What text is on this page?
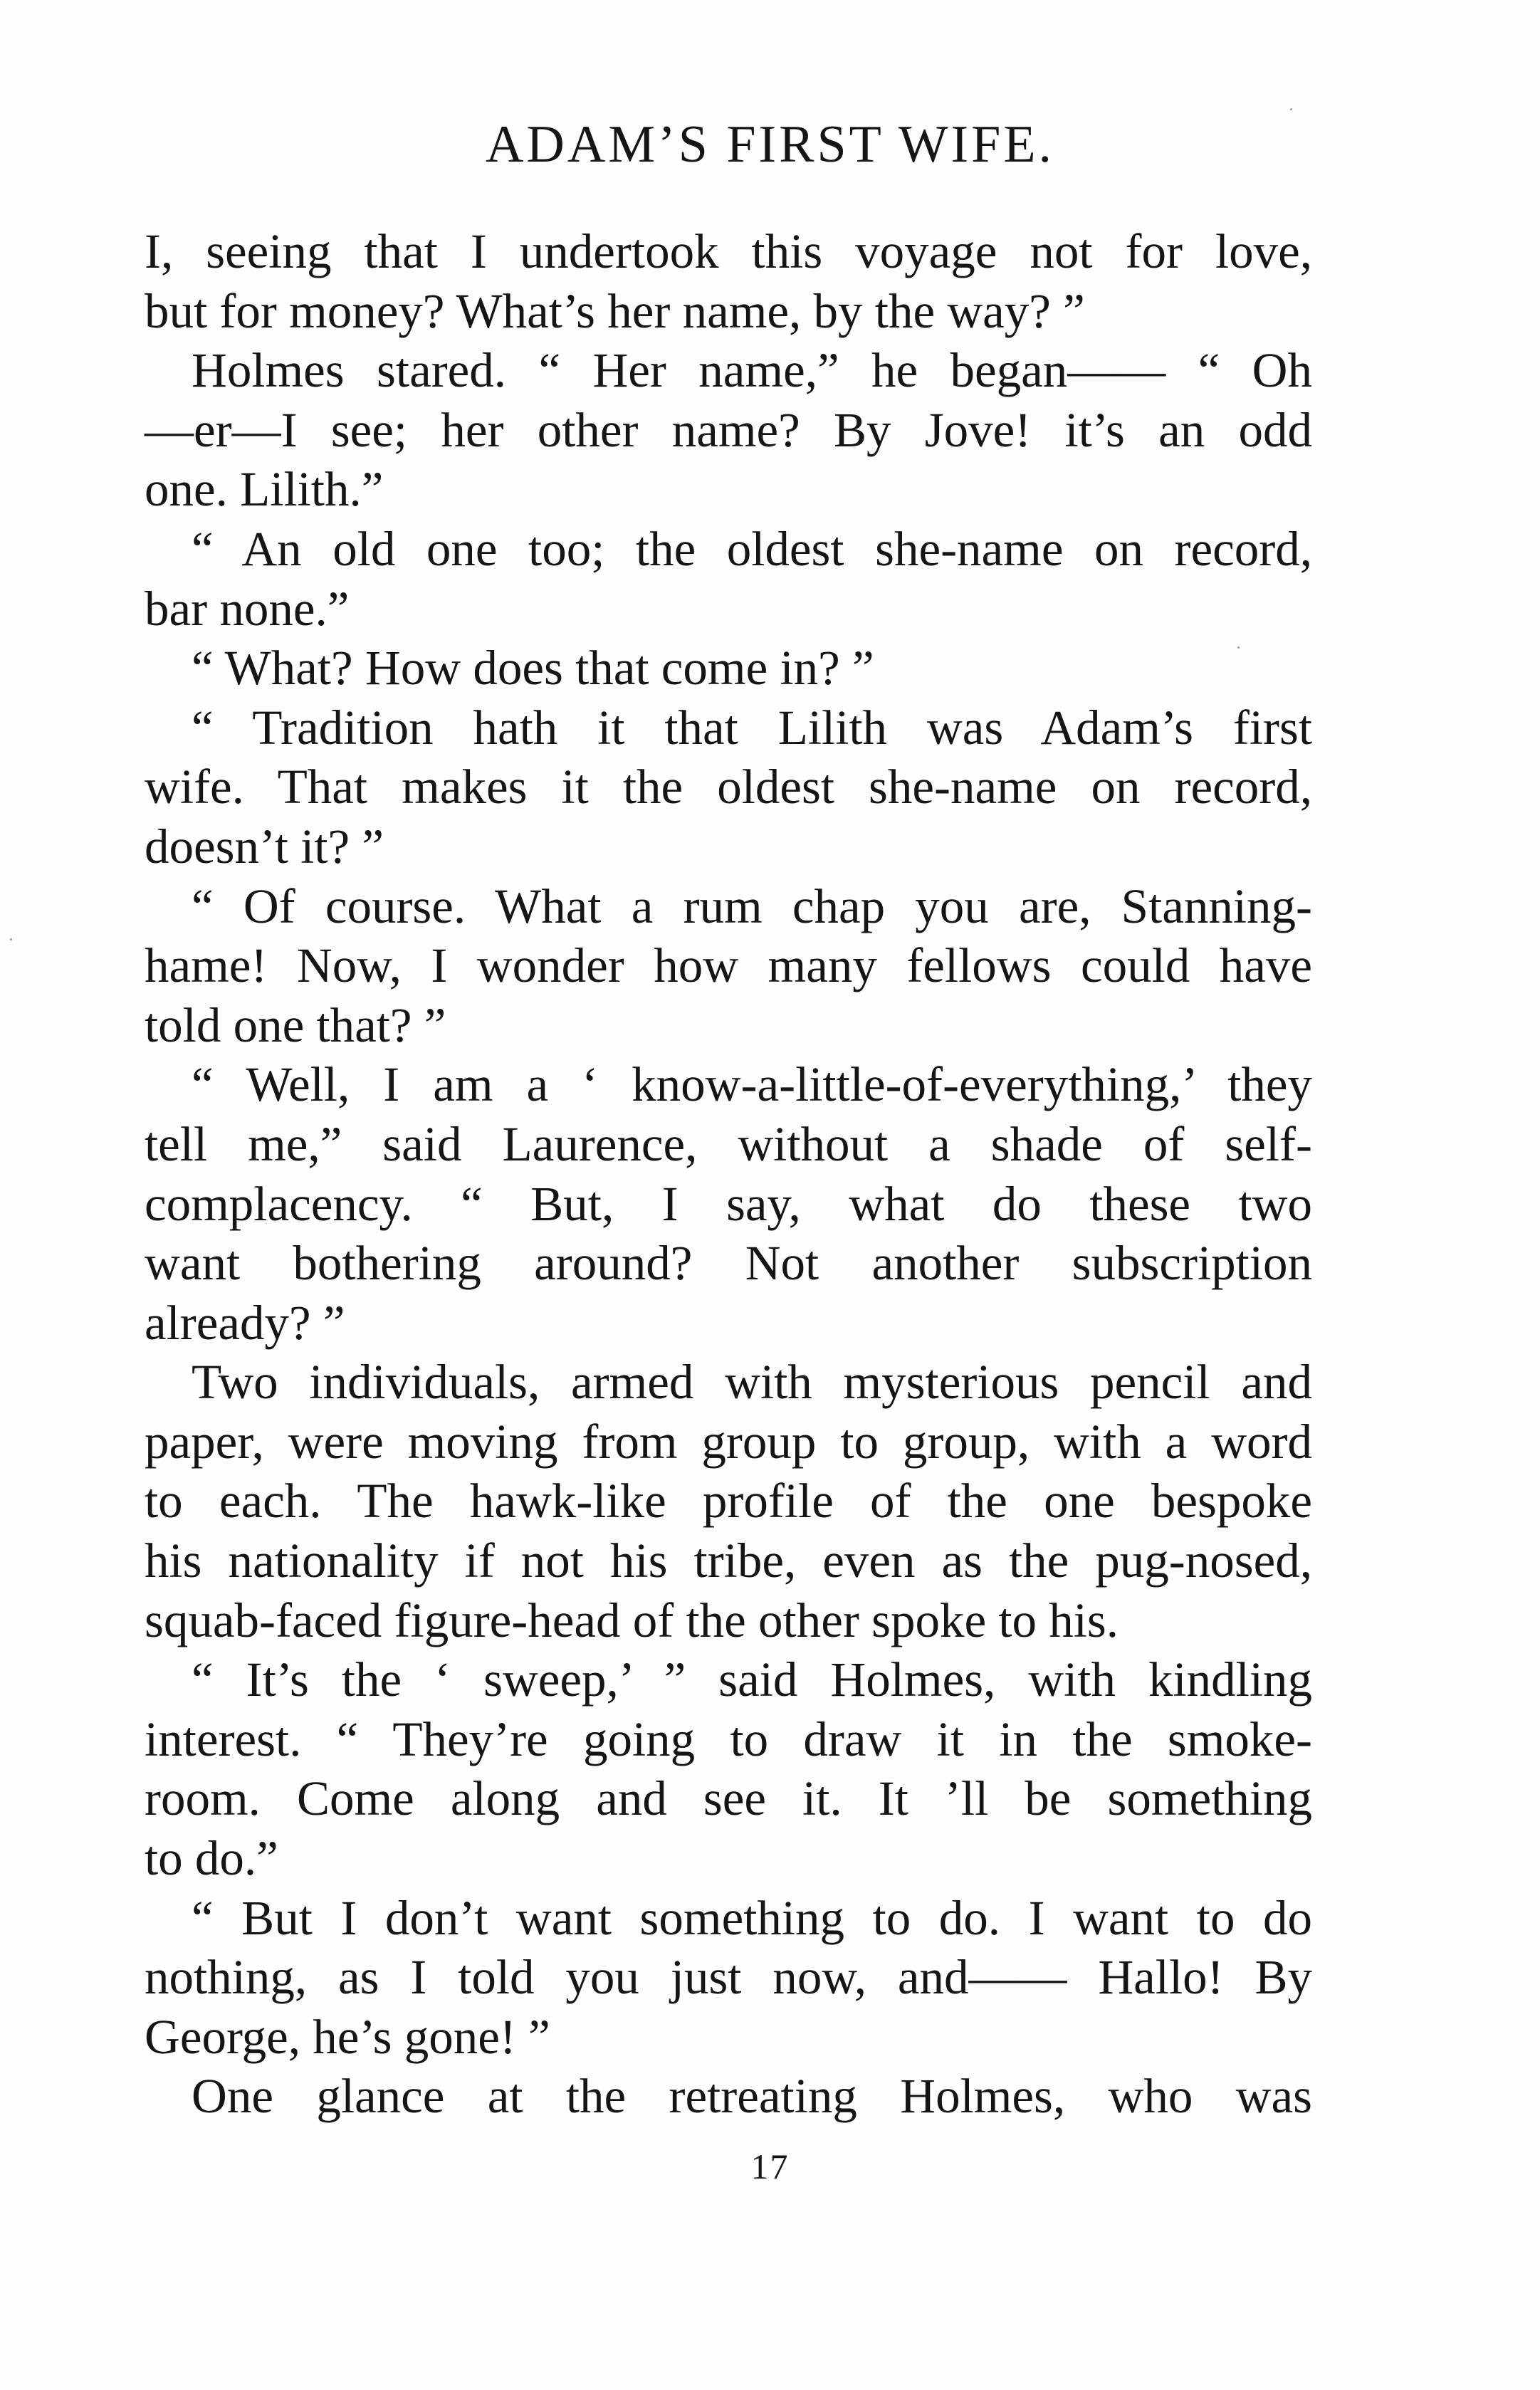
ADAM’S FIRST WIFE.
I, seeing that I undertook this voyage not for love,
but for money? What’s her name, by the way? ”
Holmes stared. “ Her name,” he began—— “ Oh
—er—I see; her other name? By Jove! it’s an odd
one. Lilith.”
“ An old one too; the oldest she-name on record,
bar none.”
“ What? How does that come in? ”
“ Tradition hath it that Lilith was Adam’s first
wife. That makes it the oldest she-name on record,
doesn’t it? ”
“ Of course. What a rum chap you are, Stanning-
hame! Now, I wonder how many fellows could have
told one that? ”
“ Well, I am a ‘ know-a-little-of-everything,’ they
tell me,” said Laurence, without a shade of self-
complacency. “ But, I say, what do these two
want bothering around? Not another subscription
already? ”
Two individuals, armed with mysterious pencil and
paper, were moving from group to group, with a word
to each. The hawk-like profile of the one bespoke
his nationality if not his tribe, even as the pug-nosed,
squab-faced figure-head of the other spoke to his.
“ It’s the ‘ sweep,’ ” said Holmes, with kindling
interest. “ They’re going to draw it in the smoke-
room. Come along and see it. It ’ll be something
to do.”
“ But I don’t want something to do. I want to do
nothing, as I told you just now, and—— Hallo! By
George, he’s gone! ”
One glance at the retreating Holmes, who was
17
